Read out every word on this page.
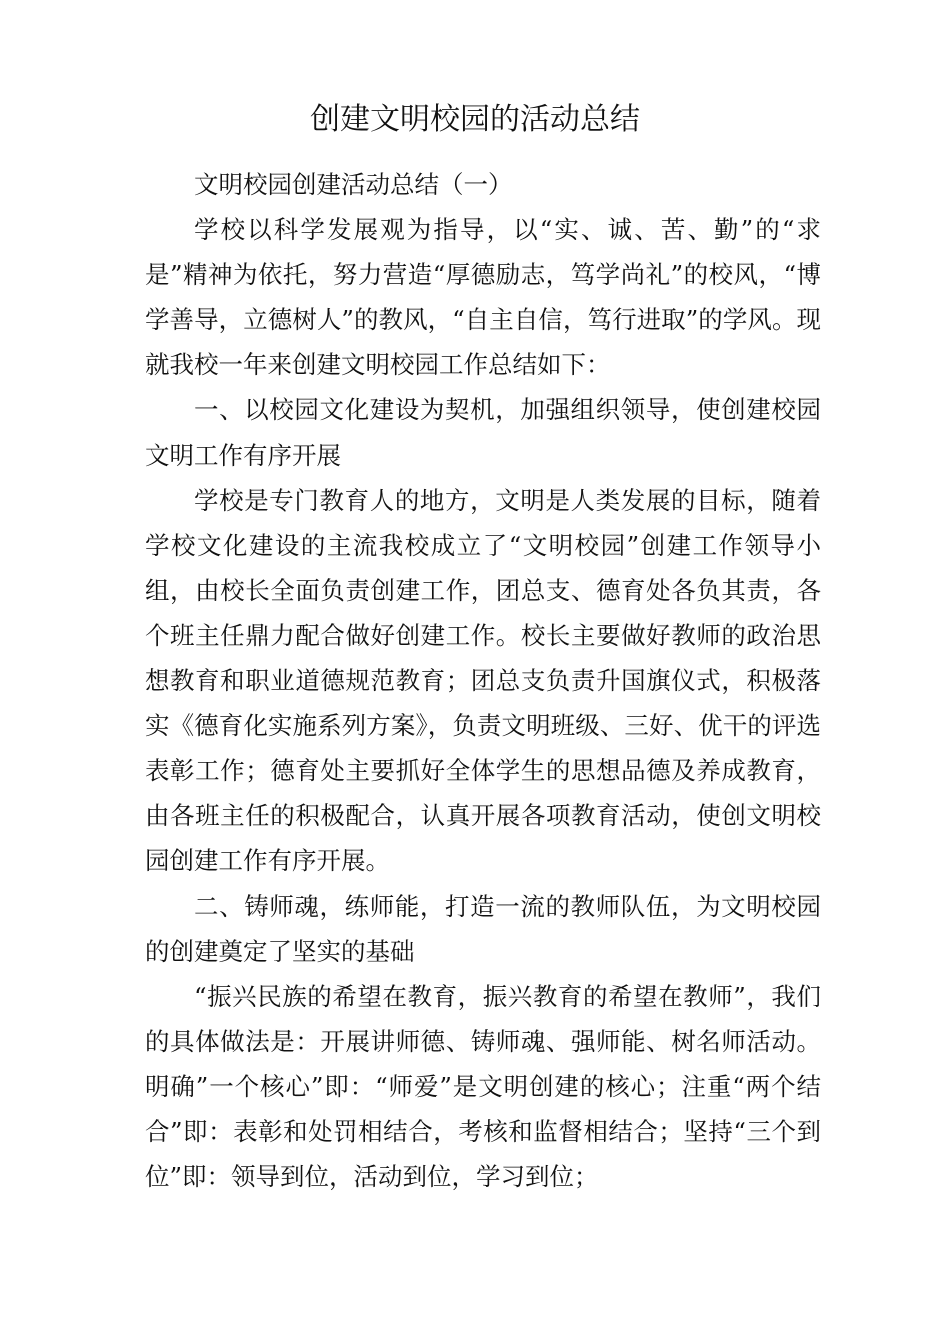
创建文明校园的活动总结

文明校园创建活动总结（一）

学校以科学发展观为指导，以“实、诚、苦、勤”的“求是”精神为依托，努力营造“厚德励志，笃学尚礼”的校风，“博学善导，立德树人”的教风，“自主自信，笃行进取”的学风。现就我校一年来创建文明校园工作总结如下：

一、以校园文化建设为契机，加强组织领导，使创建校园文明工作有序开展

学校是专门教育人的地方，文明是人类发展的目标，随着学校文化建设的主流我校成立了“文明校园”创建工作领导小组，由校长全面负责创建工作，团总支、德育处各负其责，各个班主任鼎力配合做好创建工作。校长主要做好教师的政治思想教育和职业道德规范教育；团总支负责升国旗仪式，积极落实《德育化实施系列方案》，负责文明班级、三好、优干的评选表彰工作；德育处主要抓好全体学生的思想品德及养成教育，由各班主任的积极配合，认真开展各项教育活动，使创文明校园创建工作有序开展。

二、铸师魂，练师能，打造一流的教师队伍，为文明校园的创建奠定了坚实的基础

“振兴民族的希望在教育，振兴教育的希望在教师”，我们的具体做法是：开展讲师德、铸师魂、强师能、树名师活动。明确”一个核心”即：“师爱”是文明创建的核心；注重“两个结合”即：表彰和处罚相结合，考核和监督相结合；坚持“三个到位”即：领导到位，活动到位，学习到位；
